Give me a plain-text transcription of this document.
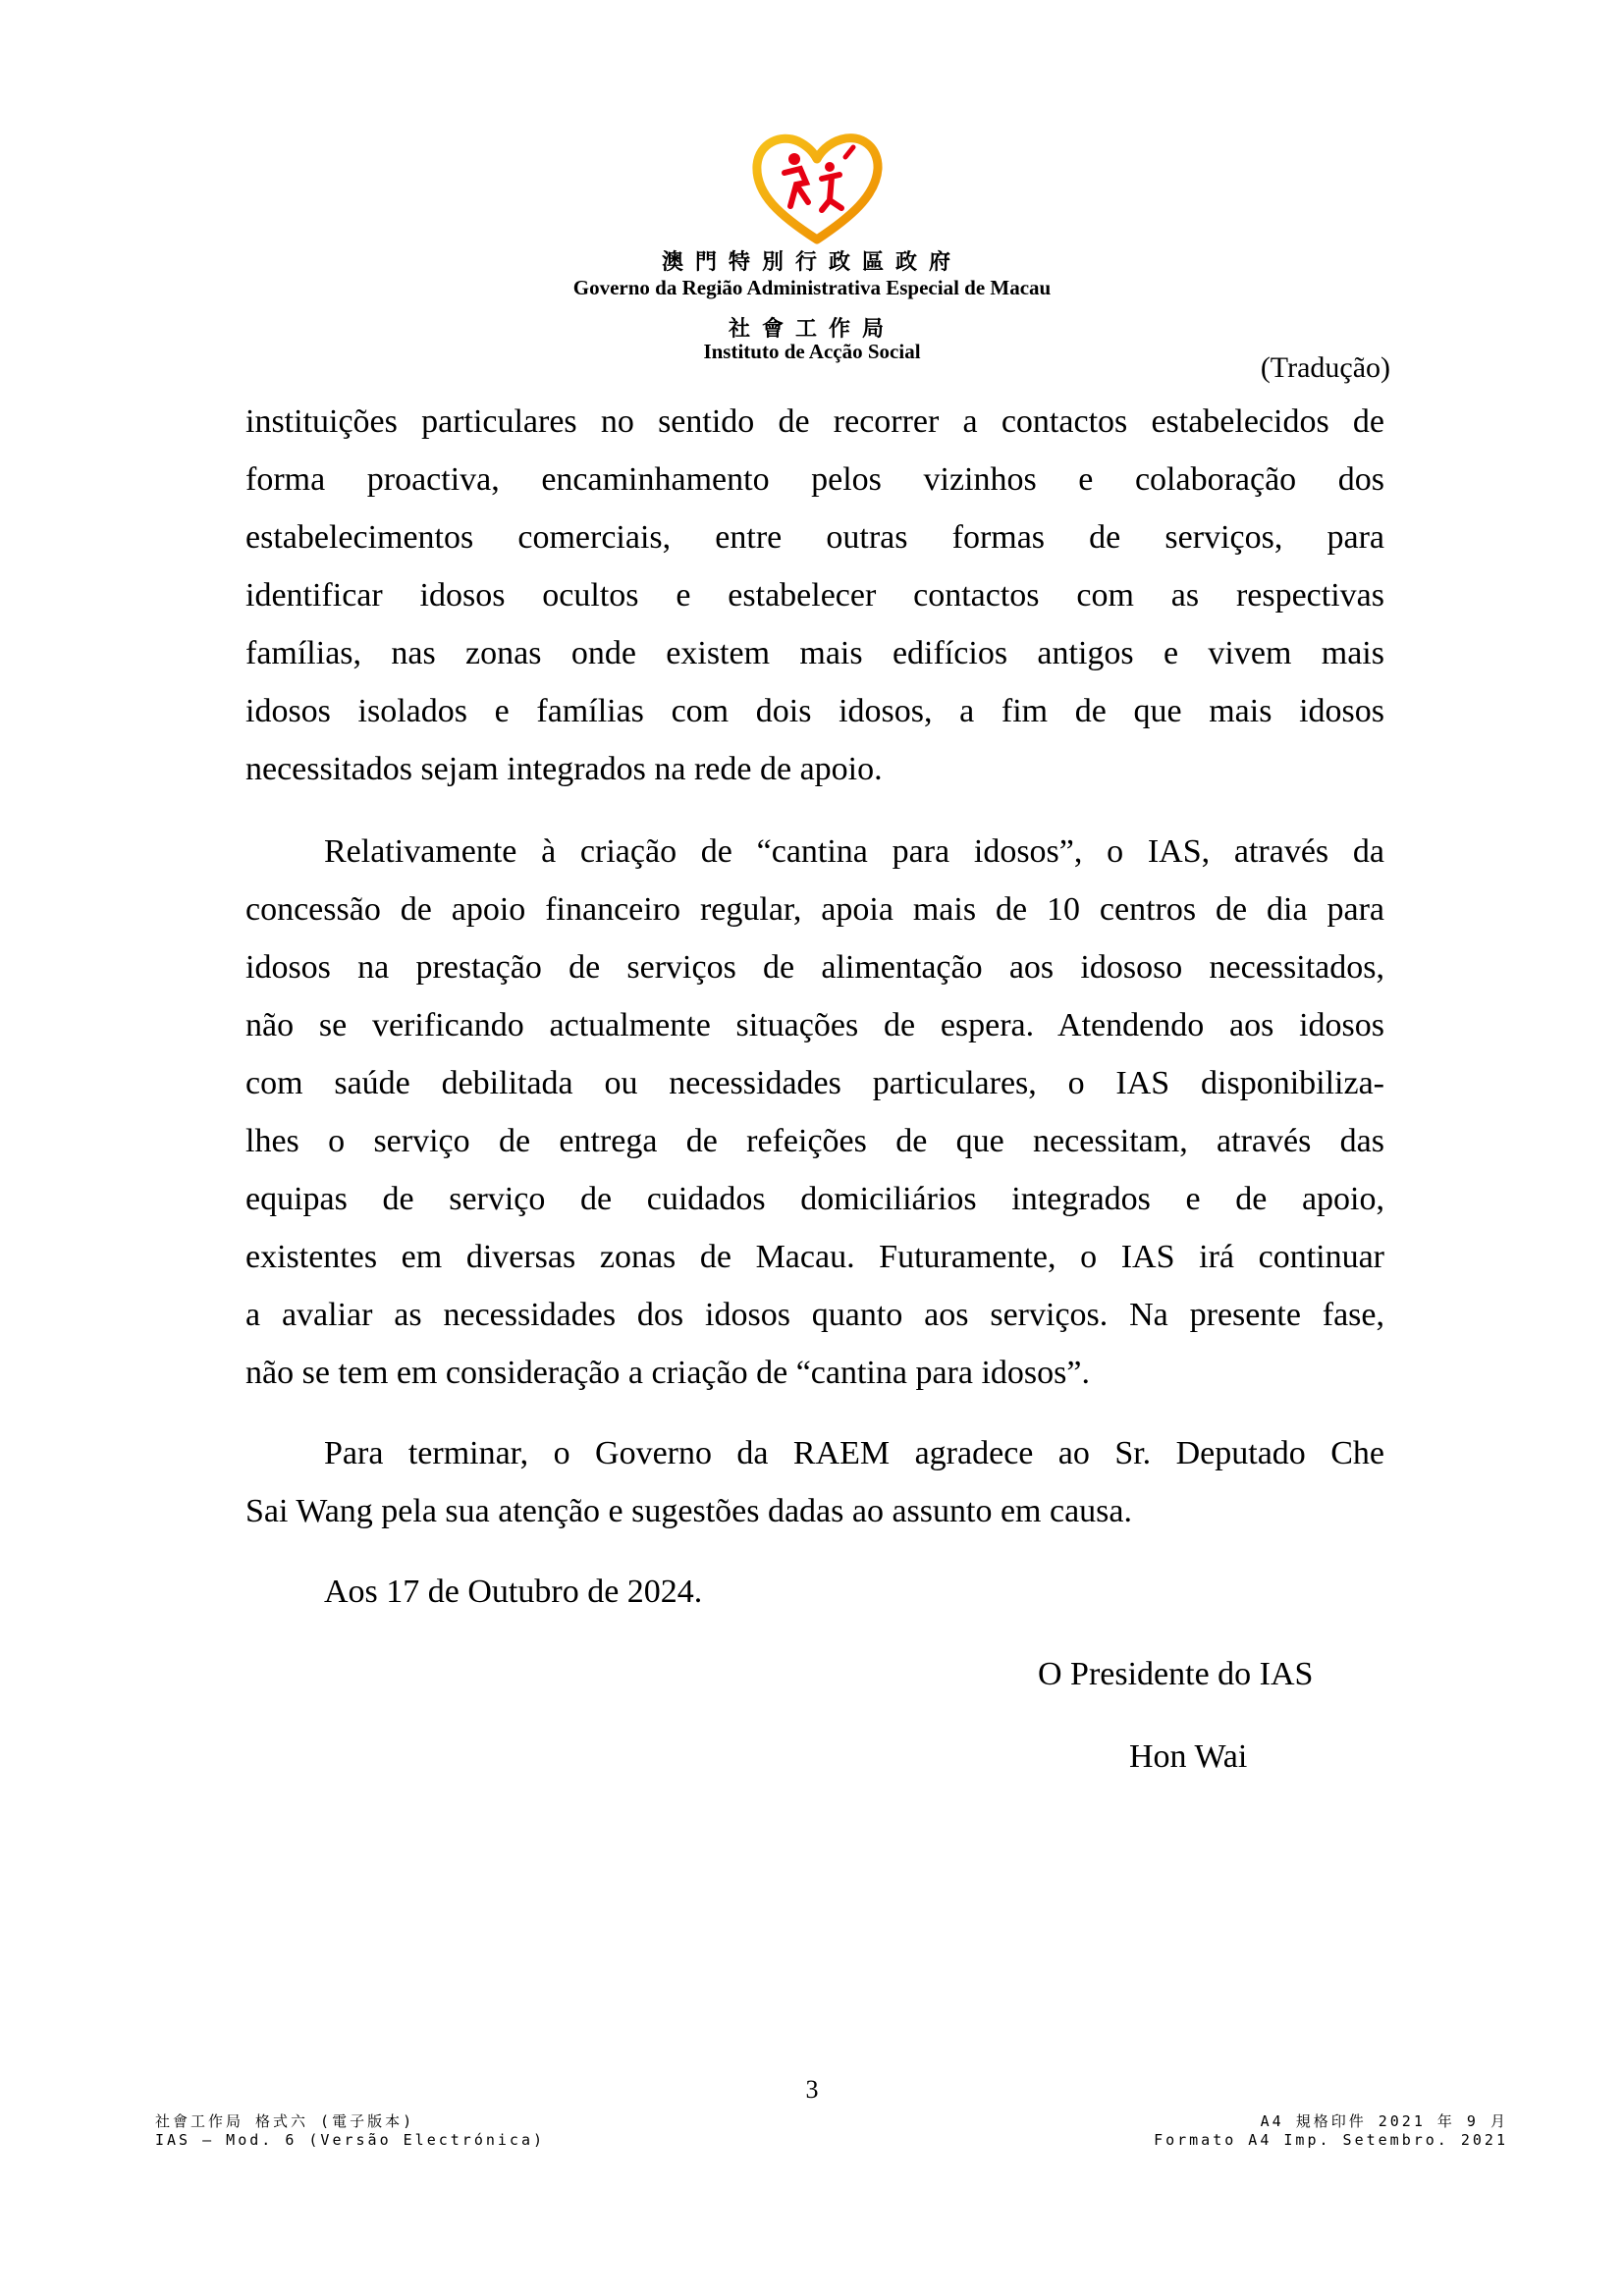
澳門特別行政區政府
Governo da Região Administrativa Especial de Macau
社會工作局
Instituto de Acção Social	(Tradução)
instituições particulares no sentido de recorrer a contactos estabelecidos de
forma proactiva, encaminhamento pelos vizinhos e colaboração dos
estabelecimentos comerciais, entre outras formas de serviços, para
identificar idosos ocultos e estabelecer contactos com as respectivas
famílias, nas zonas onde existem mais edifícios antigos e vivem mais
idosos isolados e famílias com dois idosos, a fim de que mais idosos
necessitados sejam integrados na rede de apoio.
Relativamente à criação de “cantina para idosos”, o IAS, através da
concessão de apoio financeiro regular, apoia mais de 10 centros de dia para
idosos na prestação de serviços de alimentação aos idososo necessitados,
não se verificando actualmente situações de espera. Atendendo aos idosos
com saúde debilitada ou necessidades particulares, o IAS disponibiliza-
lhes o serviço de entrega de refeições de que necessitam, através das
equipas de serviço de cuidados domiciliários integrados e de apoio,
existentes em diversas zonas de Macau. Futuramente, o IAS irá continuar
a avaliar as necessidades dos idosos quanto aos serviços. Na presente fase,
não se tem em consideração a criação de “cantina para idosos”.
Para terminar, o Governo da RAEM agradece ao Sr. Deputado Che
Sai Wang pela sua atenção e sugestões dadas ao assunto em causa.
Aos 17 de Outubro de 2024.
O Presidente do IAS
Hon Wai
3
社會工作局 格式六 (電子版本)
IAS – Mod. 6 (Versão Electrónica)
A4 規格印件 2021 年 9 月
Formato A4 Imp. Setembro. 2021
